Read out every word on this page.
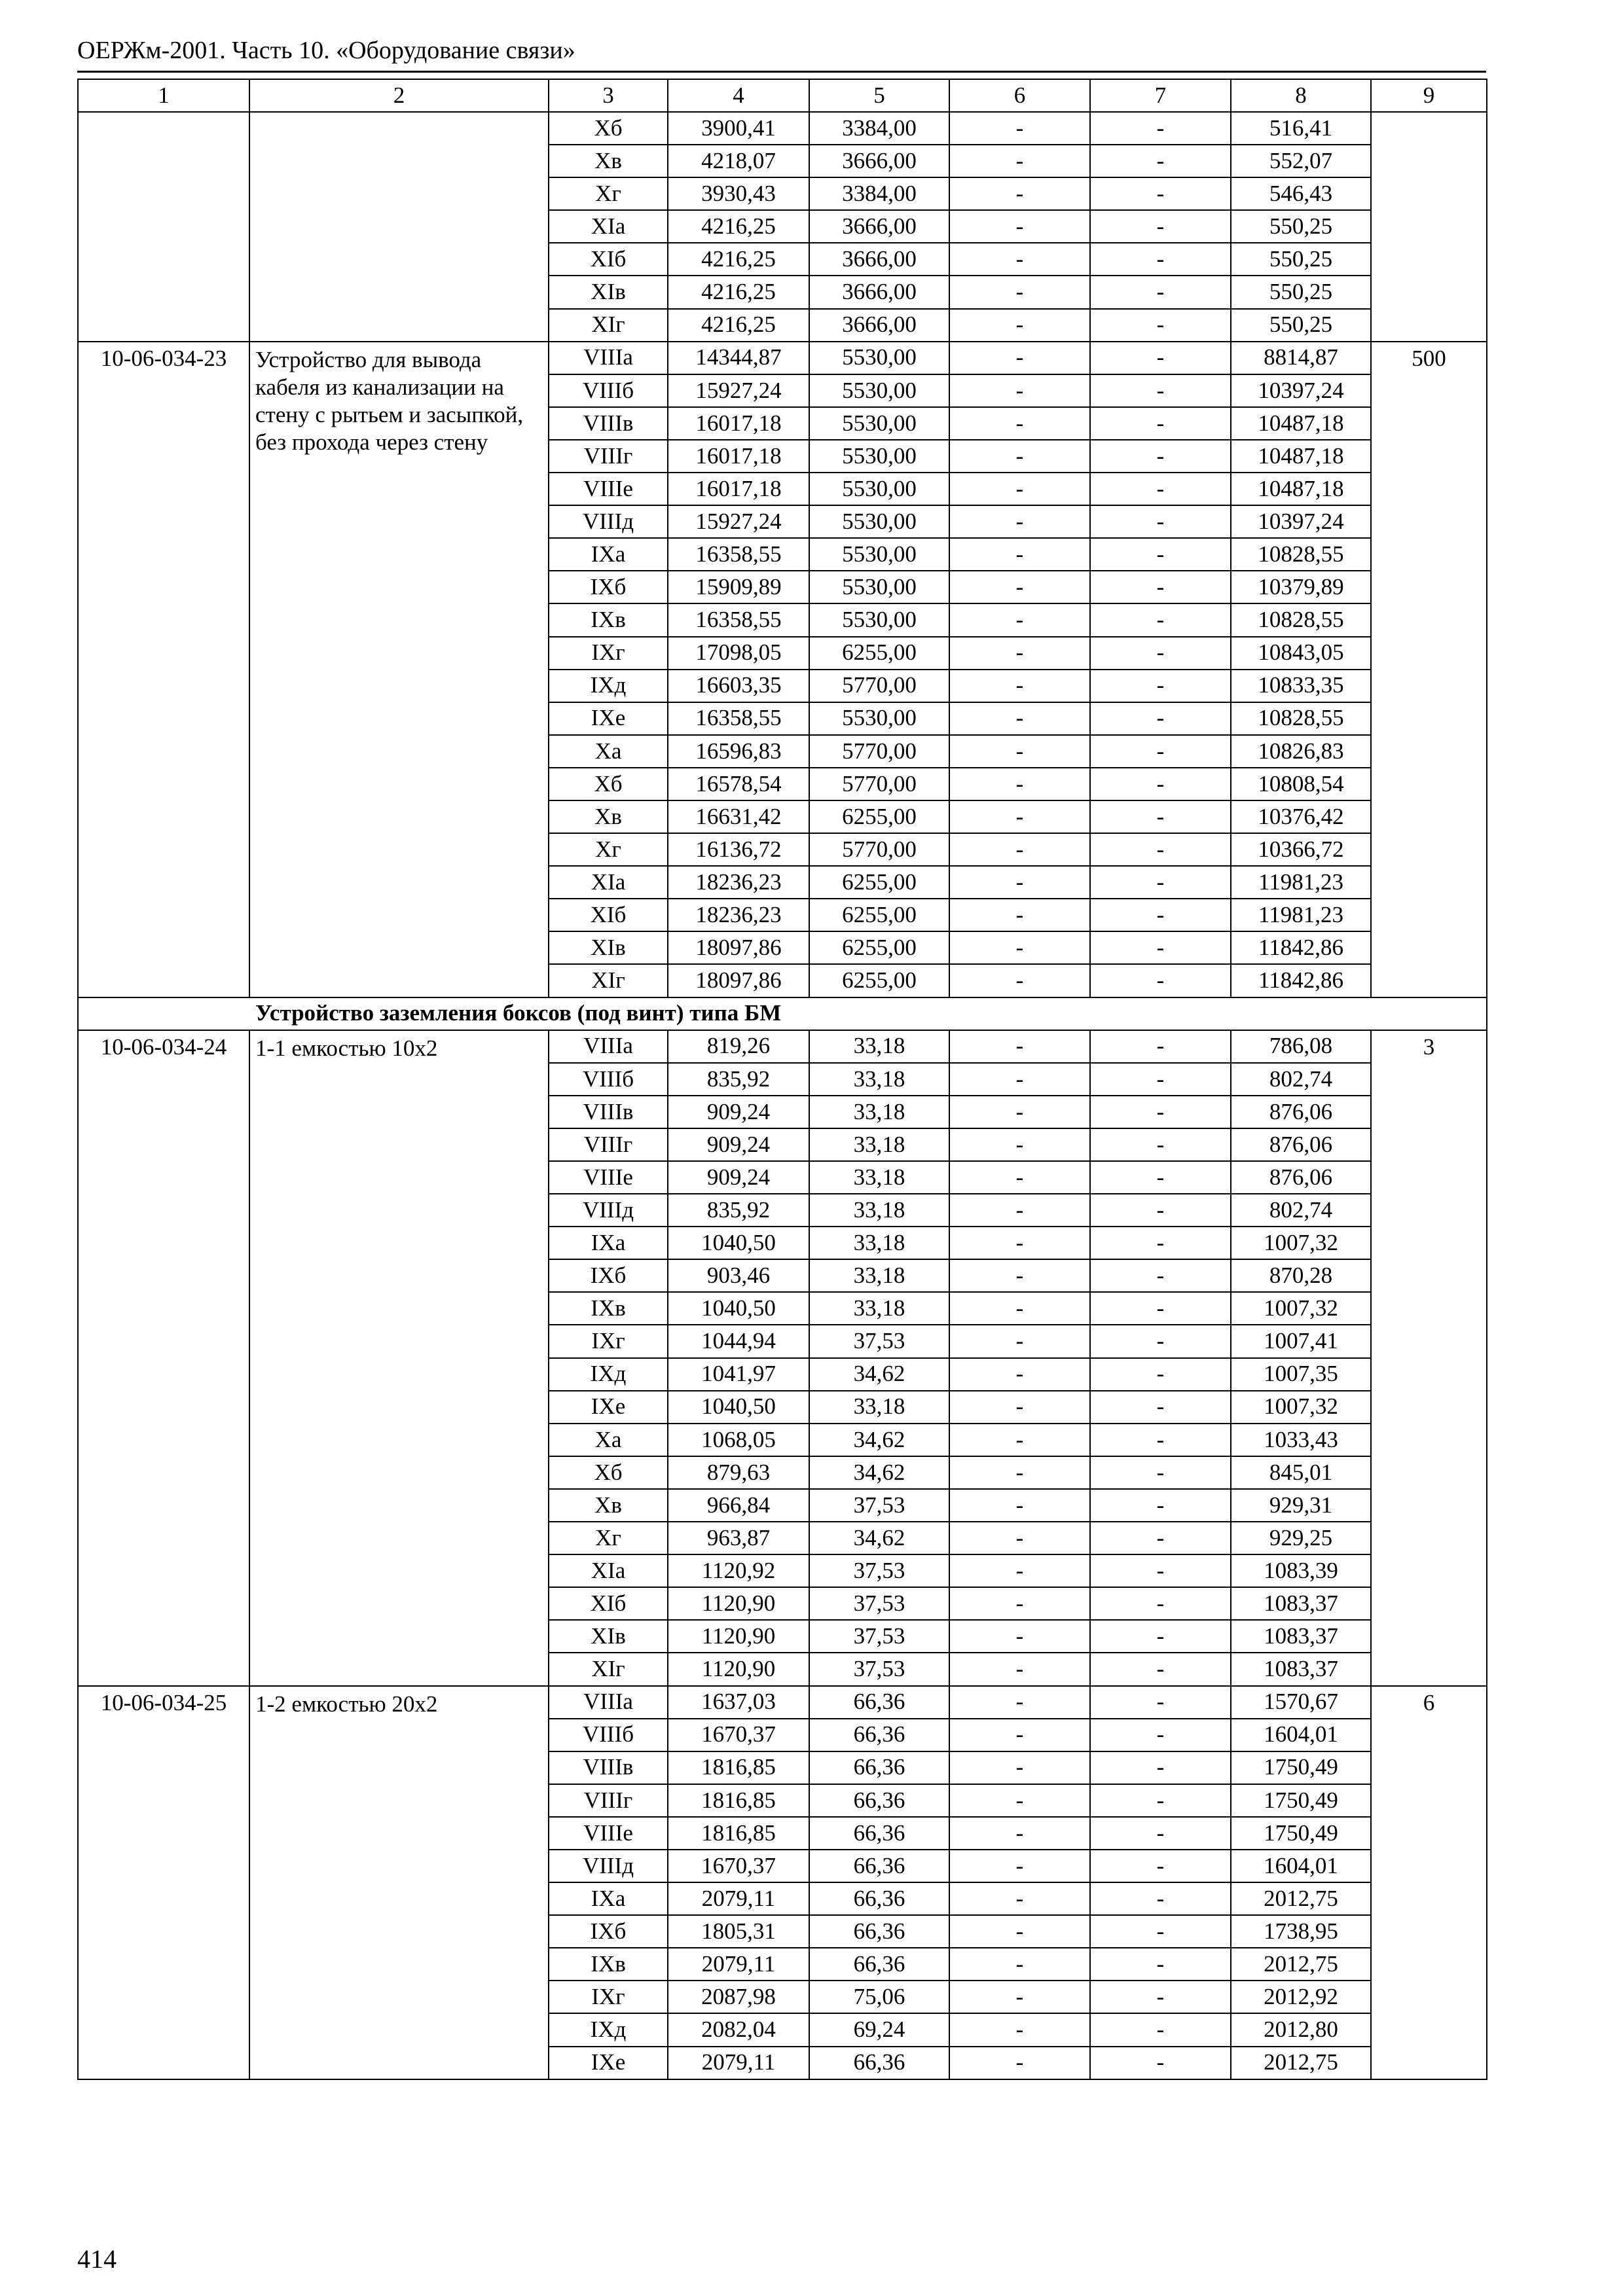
ОЕРЖм-2001. Часть 10. «Оборудование связи»
1	2	3	4	5	6	7	8	9
		Хб	3900,41	3384,00	-	-	516,41	
		Хв	4218,07	3666,00	-	-	552,07	
		Хг	3930,43	3384,00	-	-	546,43	
		ХIа	4216,25	3666,00	-	-	550,25	
		ХIб	4216,25	3666,00	-	-	550,25	
		ХIв	4216,25	3666,00	-	-	550,25	
		ХIг	4216,25	3666,00	-	-	550,25	
10-06-034-23	Устройство для вывода кабеля из канализации на стену с рытьем и засыпкой, без прохода через стену	VIIIа	14344,87	5530,00	-	-	8814,87	500
		VIIIб	15927,24	5530,00	-	-	10397,24	
		VIIIв	16017,18	5530,00	-	-	10487,18	
		VIIIг	16017,18	5530,00	-	-	10487,18	
		VIIIе	16017,18	5530,00	-	-	10487,18	
		VIIIд	15927,24	5530,00	-	-	10397,24	
		IХа	16358,55	5530,00	-	-	10828,55	
		IХб	15909,89	5530,00	-	-	10379,89	
		IХв	16358,55	5530,00	-	-	10828,55	
		IХг	17098,05	6255,00	-	-	10843,05	
		IХд	16603,35	5770,00	-	-	10833,35	
		IХе	16358,55	5530,00	-	-	10828,55	
		Ха	16596,83	5770,00	-	-	10826,83	
		Хб	16578,54	5770,00	-	-	10808,54	
		Хв	16631,42	6255,00	-	-	10376,42	
		Хг	16136,72	5770,00	-	-	10366,72	
		ХIа	18236,23	6255,00	-	-	11981,23	
		ХIб	18236,23	6255,00	-	-	11981,23	
		ХIв	18097,86	6255,00	-	-	11842,86	
		ХIг	18097,86	6255,00	-	-	11842,86	
Устройство заземления боксов (под винт) типа БМ								
10-06-034-24	1-1 емкостью 10х2	VIIIа	819,26	33,18	-	-	786,08	3
		VIIIб	835,92	33,18	-	-	802,74	
		VIIIв	909,24	33,18	-	-	876,06	
		VIIIг	909,24	33,18	-	-	876,06	
		VIIIе	909,24	33,18	-	-	876,06	
		VIIIд	835,92	33,18	-	-	802,74	
		IХа	1040,50	33,18	-	-	1007,32	
		IХб	903,46	33,18	-	-	870,28	
		IХв	1040,50	33,18	-	-	1007,32	
		IХг	1044,94	37,53	-	-	1007,41	
		IХд	1041,97	34,62	-	-	1007,35	
		IХе	1040,50	33,18	-	-	1007,32	
		Ха	1068,05	34,62	-	-	1033,43	
		Хб	879,63	34,62	-	-	845,01	
		Хв	966,84	37,53	-	-	929,31	
		Хг	963,87	34,62	-	-	929,25	
		ХIа	1120,92	37,53	-	-	1083,39	
		ХIб	1120,90	37,53	-	-	1083,37	
		ХIв	1120,90	37,53	-	-	1083,37	
		ХIг	1120,90	37,53	-	-	1083,37	
10-06-034-25	1-2 емкостью 20х2	VIIIа	1637,03	66,36	-	-	1570,67	6
		VIIIб	1670,37	66,36	-	-	1604,01	
		VIIIв	1816,85	66,36	-	-	1750,49	
		VIIIг	1816,85	66,36	-	-	1750,49	
		VIIIе	1816,85	66,36	-	-	1750,49	
		VIIIд	1670,37	66,36	-	-	1604,01	
		IХа	2079,11	66,36	-	-	2012,75	
		IХб	1805,31	66,36	-	-	1738,95	
		IХв	2079,11	66,36	-	-	2012,75	
		IХг	2087,98	75,06	-	-	2012,92	
		IХд	2082,04	69,24	-	-	2012,80	
		IХе	2079,11	66,36	-	-	2012,75	
414
